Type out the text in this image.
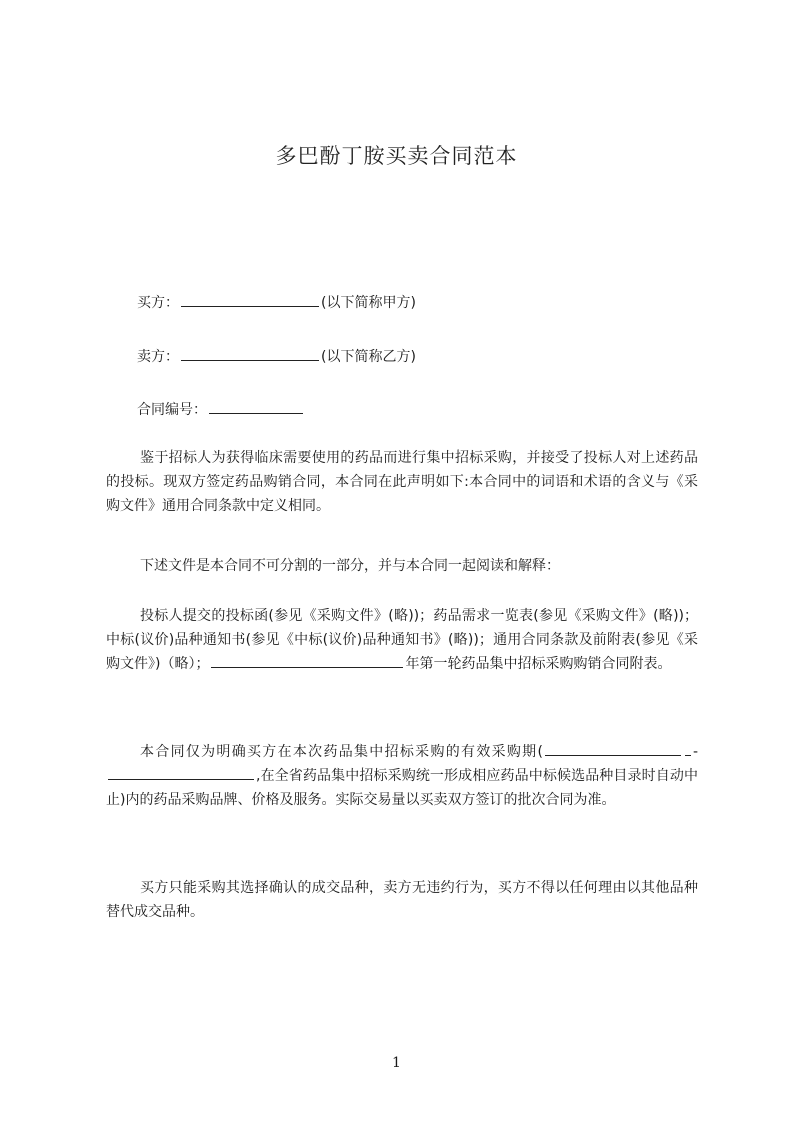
多巴酚丁胺买卖合同范本
买方：	(以下简称甲方)
卖方：	(以下简称乙方)
合同编号：
鉴于招标人为获得临床需要使用的药品而进行集中招标采购，并接受了投标人对上述药品的投标。现双方签定药品购销合同，本合同在此声明如下:本合同中的词语和术语的含义与《采购文件》通用合同条款中定义相同。
下述文件是本合同不可分割的一部分，并与本合同一起阅读和解释：
投标人提交的投标函(参见《采购文件》(略))；药品需求一览表(参见《采购文件》(略))；中标(议价)品种通知书(参见《中标(议价)品种通知书》(略))；通用合同条款及前附表(参见《采购文件》)（略）；	年第一轮药品集中招标采购购销合同附表。
本合同仅为明确买方在本次药品集中招标采购的有效采购期(	-,在全省药品集中招标采购统一形成相应药品中标候选品种目录时自动中止)内的药品采购品牌、价格及服务。实际交易量以买卖双方签订的批次合同为准。
买方只能采购其选择确认的成交品种，卖方无违约行为，买方不得以任何理由以其他品种替代成交品种。
1
